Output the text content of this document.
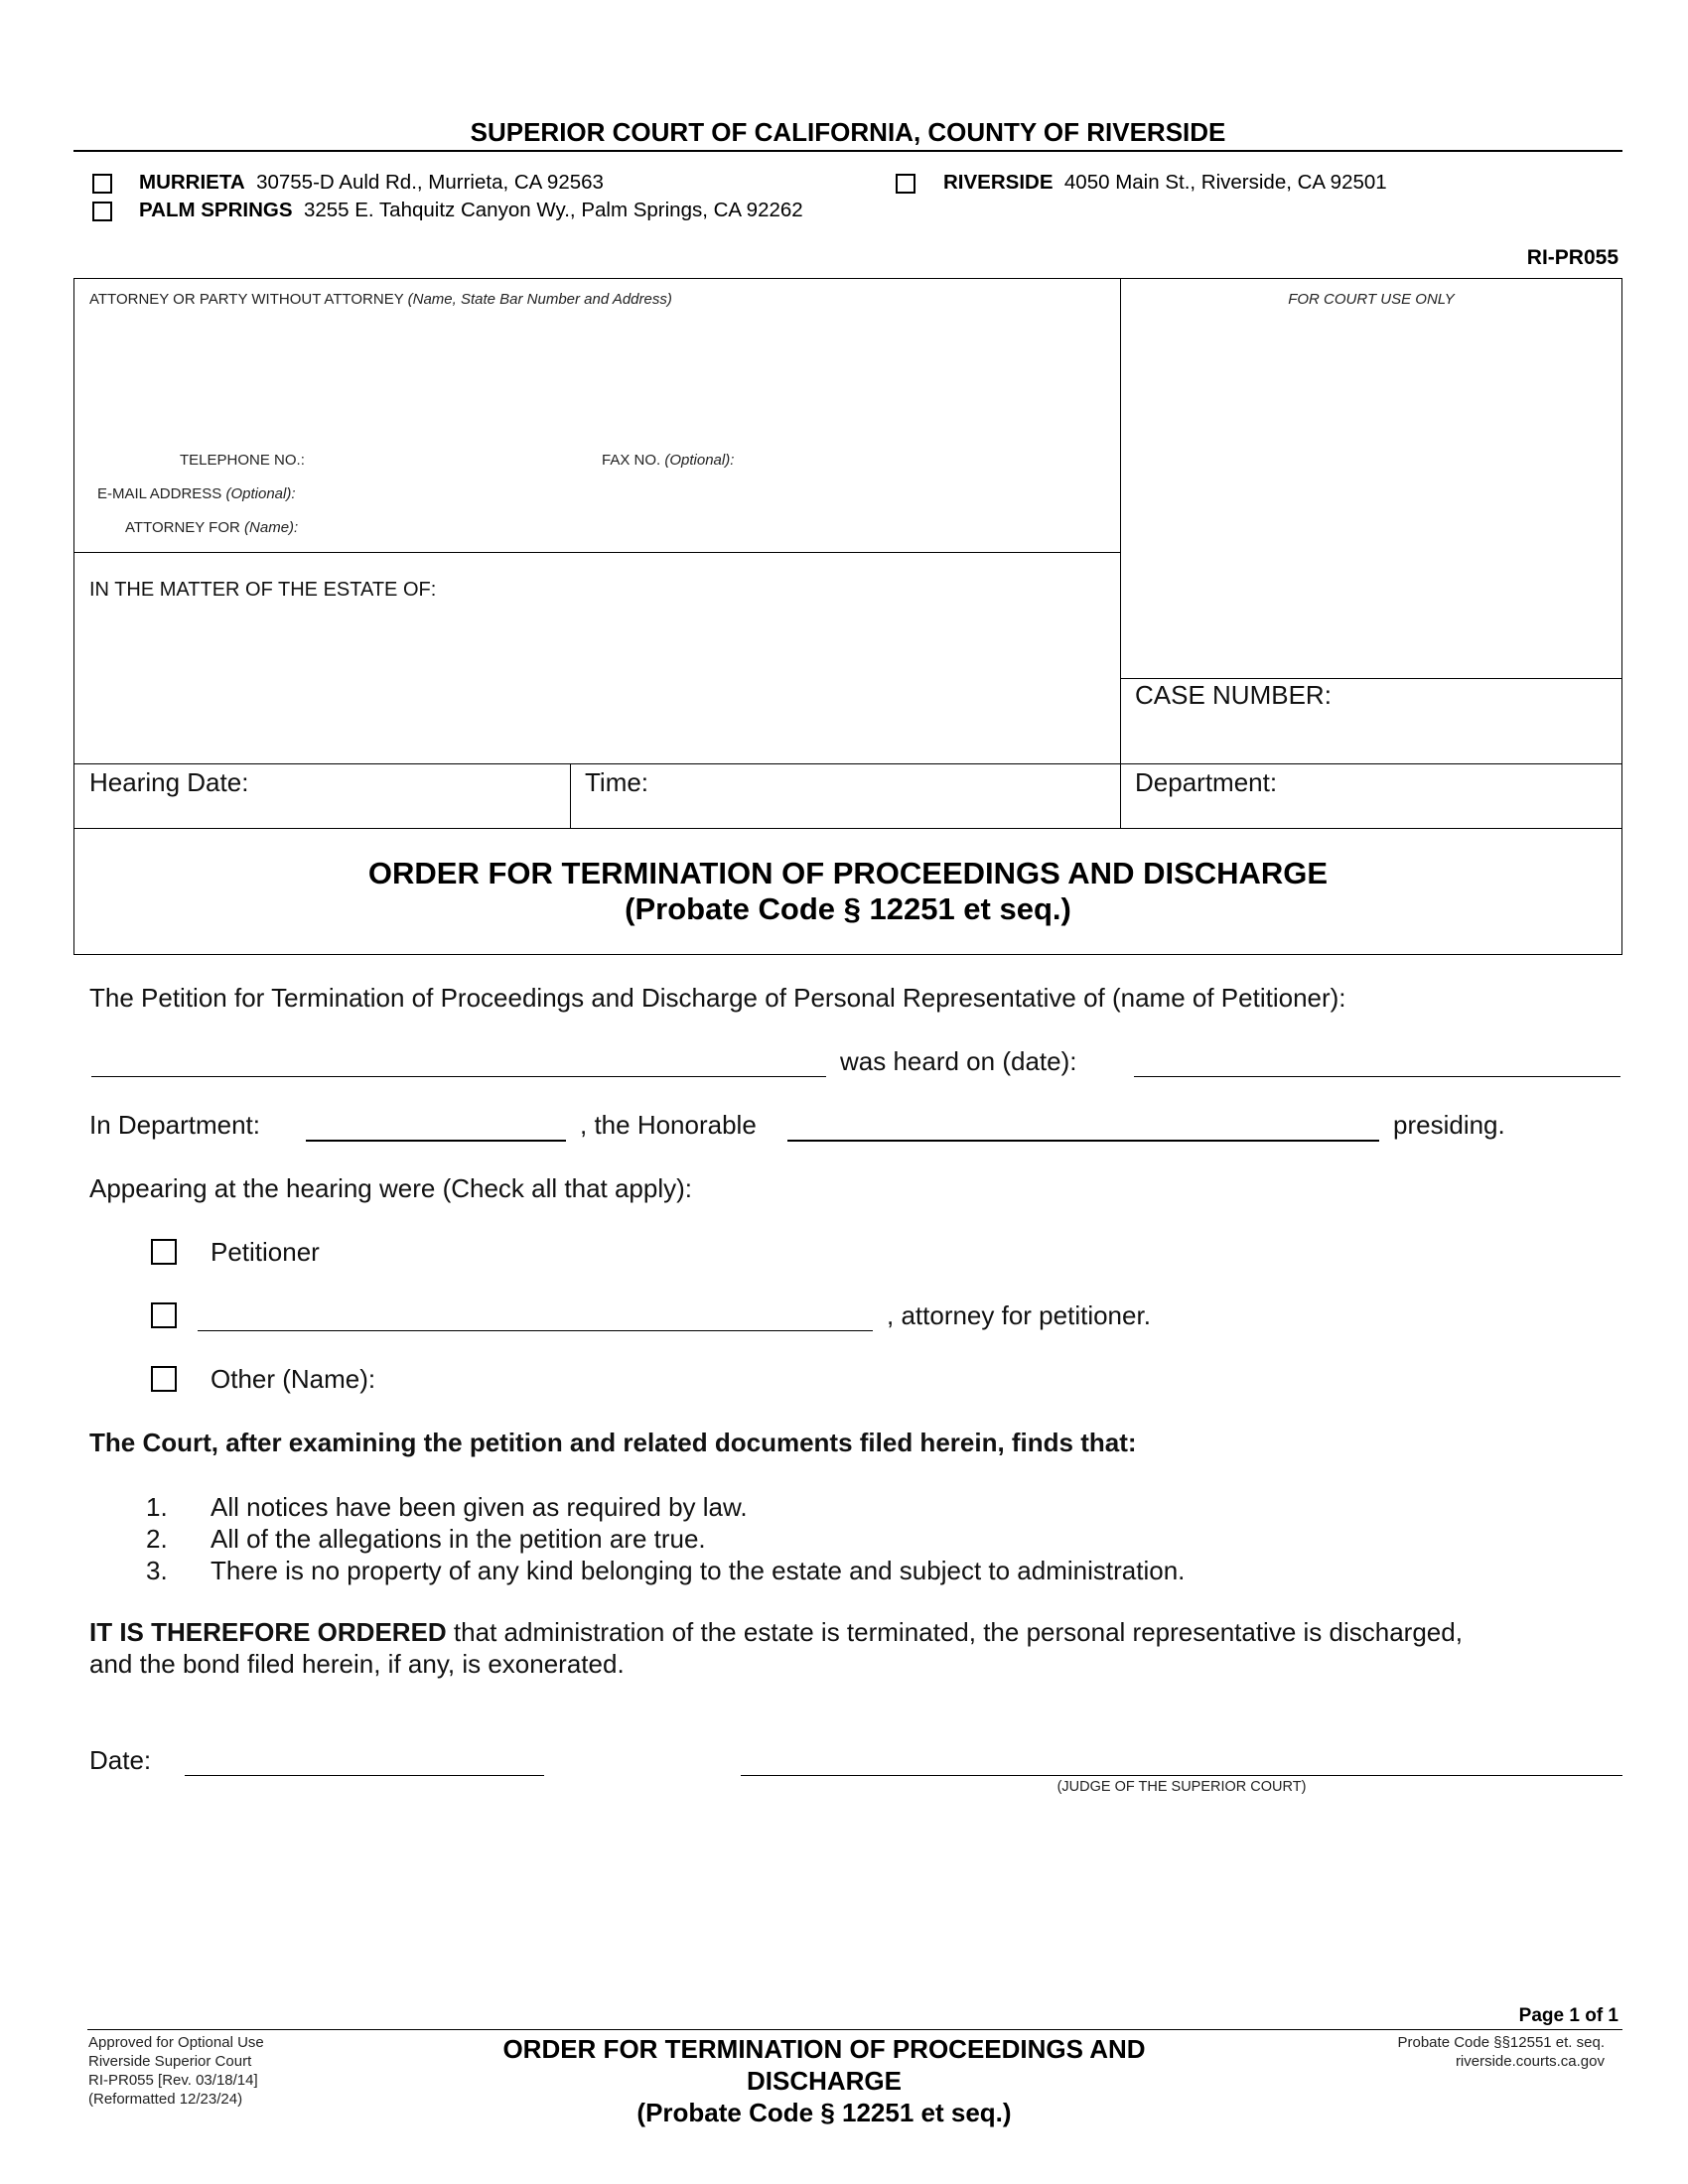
SUPERIOR COURT OF CALIFORNIA, COUNTY OF RIVERSIDE
MURRIETA 30755-D Auld Rd., Murrieta, CA 92563
PALM SPRINGS 3255 E. Tahquitz Canyon Wy., Palm Springs, CA 92262
RIVERSIDE 4050 Main St., Riverside, CA 92501
RI-PR055
ATTORNEY OR PARTY WITHOUT ATTORNEY (Name, State Bar Number and Address)	FOR COURT USE ONLY
TELEPHONE NO.:	FAX NO. (Optional):
E-MAIL ADDRESS (Optional):
ATTORNEY FOR (Name):
IN THE MATTER OF THE ESTATE OF:
CASE NUMBER:
Hearing Date:	Time:	Department:
ORDER FOR TERMINATION OF PROCEEDINGS AND DISCHARGE
(Probate Code § 12251 et seq.)
The Petition for Termination of Proceedings and Discharge of Personal Representative of (name of Petitioner):
was heard on (date):
In Department:	, the Honorable	presiding.
Appearing at the hearing were (Check all that apply):
Petitioner
, attorney for petitioner.
Other (Name):
The Court, after examining the petition and related documents filed herein, finds that:
1. All notices have been given as required by law.
2. All of the allegations in the petition are true.
3. There is no property of any kind belonging to the estate and subject to administration.
IT IS THEREFORE ORDERED that administration of the estate is terminated, the personal representative is discharged,
and the bond filed herein, if any, is exonerated.
Date:
(JUDGE OF THE SUPERIOR COURT)
Page 1 of 1
Approved for Optional Use
Riverside Superior Court
RI-PR055 [Rev. 03/18/14]
(Reformatted 12/23/24)
ORDER FOR TERMINATION OF PROCEEDINGS AND
DISCHARGE
(Probate Code § 12251 et seq.)
Probate Code §§12551 et. seq.
riverside.courts.ca.gov
